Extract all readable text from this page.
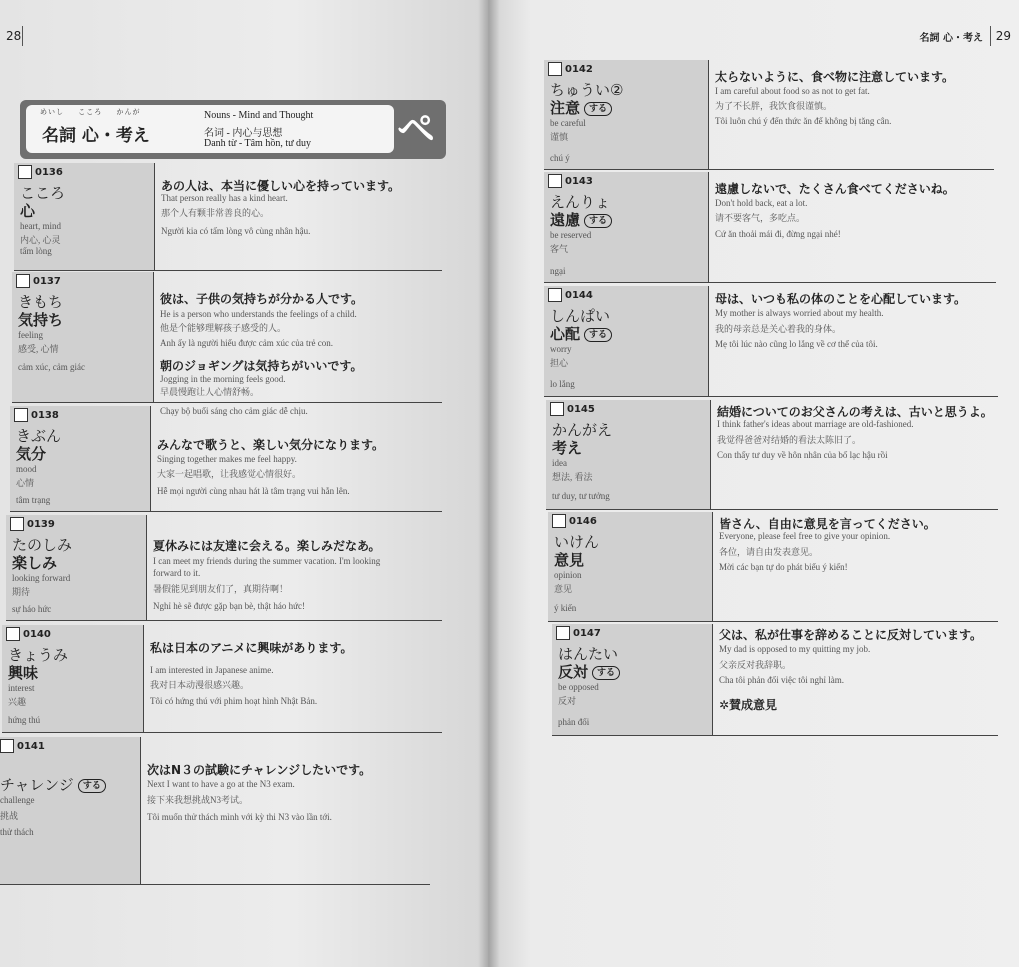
28
めいし こころ かんが
名詞 心・考え
Nouns - Mind and Thought
名词 - 内心与思想
Danh từ - Tâm hồn, tư duy ペ
0136
こころ
心
heart, mind
内心, 心灵
tấm lòng
あの人は、本当に優しい心を持っています。
That person really has a kind heart.
那个人有颗非常善良的心。
Người kia có tấm lòng vô cùng nhân hậu.
0137
きもち
気持ち
feeling
感受, 心情
cảm xúc, cảm giác
彼は、子供の気持ちが分かる人です。
He is a person who understands the feelings of a child.
他是个能够理解孩子感受的人。
Anh ấy là người hiểu được cảm xúc của trẻ con.
朝のジョギングは気持ちがいいです。
Jogging in the morning feels good.
早晨慢跑让人心情舒畅。
Chạy bộ buổi sáng cho cảm giác dễ chịu.
0138
きぶん
気分
mood
心情
tâm trạng
みんなで歌うと、楽しい気分になります。
Singing together makes me feel happy.
大家一起唱歌，让我感觉心情很好。
Hễ mọi người cùng nhau hát là tâm trạng vui hẳn lên.
0139
たのしみ
楽しみ
looking forward
期待
sự háo hức
夏休みには友達に会える。楽しみだなあ。
I can meet my friends during the summer vacation. I'm looking
forward to it.
暑假能见到朋友们了，真期待啊！
Nghỉ hè sẽ được gặp bạn bè, thật háo hức!
0140
きょうみ
興味
interest
兴趣
hứng thú
私は日本のアニメに興味があります。
I am interested in Japanese anime.
我对日本动漫很感兴趣。
Tôi có hứng thú với phim hoạt hình Nhật Bản.
0141
チャレンジ する
challenge
挑战
thử thách
次はN３の試験にチャレンジしたいです。
Next I want to have a go at the N3 exam.
接下来我想挑战N3考试。
Tôi muốn thử thách mình với kỳ thi N3 vào lần tới.
名詞 心・考え 29
0142
ちゅうい②
注意 する
be careful
谨慎
chú ý
太らないように、食べ物に注意しています。
I am careful about food so as not to get fat.
为了不长胖，我饮食很谨慎。
Tôi luôn chú ý đến thức ăn để không bị tăng cân.
0143
えんりょ
遠慮 する
be reserved
客气
ngại
遠慮しないで、たくさん食べてくださいね。
Don't hold back, eat a lot.
请不要客气，多吃点。
Cứ ăn thoải mái đi, đừng ngại nhé!
0144
しんぱい
心配 する
worry
担心
lo lắng
母は、いつも私の体のことを心配しています。
My mother is always worried about my health.
我的母亲总是关心着我的身体。
Mẹ tôi lúc nào cũng lo lắng về cơ thể của tôi.
0145
かんがえ
考え
idea
想法, 看法
tư duy, tư tưởng
結婚についてのお父さんの考えは、古いと思うよ。
I think father's ideas about marriage are old-fashioned.
我觉得爸爸对结婚的看法太陈旧了。
Con thấy tư duy về hôn nhân của bố lạc hậu rồi
0146
いけん
意見
opinion
意见
ý kiến
皆さん、自由に意見を言ってください。
Everyone, please feel free to give your opinion.
各位，请自由发表意见。
Mời các bạn tự do phát biểu ý kiến!
0147
はんたい
反対 する
be opposed
反对
phản đối
父は、私が仕事を辞めることに反対しています。
My dad is opposed to my quitting my job.
父亲反对我辞职。
Cha tôi phản đối việc tôi nghỉ làm.
✲賛成意見
